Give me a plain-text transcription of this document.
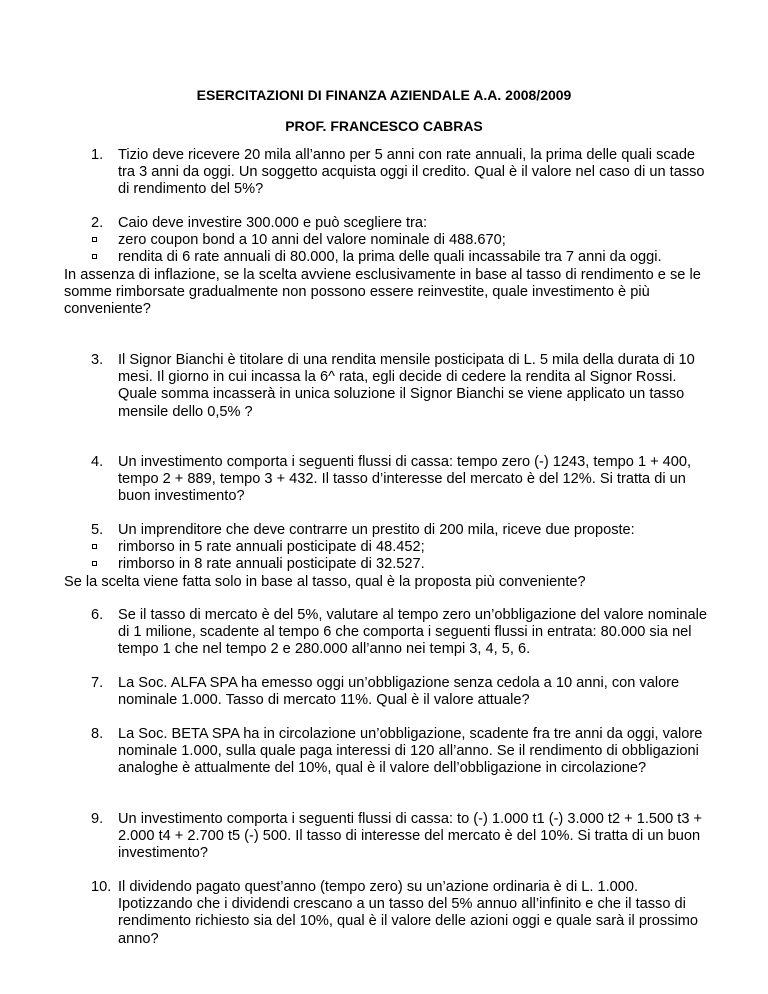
ESERCITAZIONI DI FINANZA AZIENDALE A.A. 2008/2009
PROF. FRANCESCO CABRAS
1.	Tizio deve ricevere 20 mila all’anno per 5 anni con rate annuali, la prima delle quali scade tra 3 anni da oggi. Un soggetto acquista oggi il credito. Qual è il valore nel caso di un tasso di rendimento del 5%?
2.	Caio deve investire 300.000 e può scegliere tra:
zero coupon bond a 10 anni del valore nominale di 488.670;
rendita di 6 rate annuali di 80.000, la prima delle quali incassabile tra 7 anni da oggi.
In assenza di inflazione, se la scelta avviene esclusivamente in base al tasso di rendimento e se le somme rimborsate gradualmente non possono essere reinvestite, quale investimento è più conveniente?
3.	Il Signor Bianchi è titolare di una rendita mensile posticipata di L. 5 mila della durata di 10 mesi. Il giorno in cui incassa la 6^ rata, egli decide di cedere la rendita al Signor Rossi.
Quale somma incasserà in unica soluzione il Signor Bianchi se viene applicato un tasso mensile dello 0,5% ?
4.	Un investimento comporta i seguenti flussi di cassa: tempo zero (-) 1243, tempo 1 + 400, tempo 2 + 889, tempo 3 + 432. Il tasso d’interesse del mercato è del 12%. Si tratta di un buon investimento?
5.	Un imprenditore che deve contrarre un prestito di 200 mila, riceve due proposte:
rimborso in 5 rate annuali posticipate di 48.452;
rimborso in 8 rate annuali posticipate di 32.527.
Se la scelta viene fatta solo in base al tasso, qual è la proposta più conveniente?
6.	Se il tasso di mercato è del 5%, valutare al tempo zero un’obbligazione del valore nominale di 1 milione, scadente al tempo 6 che comporta i seguenti flussi in entrata: 80.000 sia nel tempo 1 che nel tempo 2 e 280.000 all’anno nei tempi 3, 4, 5, 6.
7.	La Soc. ALFA SPA ha emesso oggi un’obbligazione senza cedola a 10 anni, con valore nominale 1.000. Tasso di mercato 11%. Qual è il valore attuale?
8.	La Soc. BETA SPA ha in circolazione un’obbligazione, scadente fra tre anni da oggi, valore nominale 1.000, sulla quale paga interessi di 120 all’anno. Se il rendimento di obbligazioni analoghe è attualmente del 10%, qual è il valore dell’obbligazione in circolazione?
9.	Un investimento comporta i seguenti flussi di cassa: to (-) 1.000 t1 (-) 3.000 t2 + 1.500 t3 + 2.000 t4 + 2.700 t5 (-) 500. Il tasso di interesse del mercato è del 10%. Si tratta di un buon investimento?
10. Il dividendo pagato quest’anno (tempo zero) su un’azione ordinaria è di L. 1.000. Ipotizzando che i dividendi crescano a un tasso del 5% annuo all’infinito e che il tasso di rendimento richiesto sia del 10%, qual è il valore delle azioni oggi e quale sarà il prossimo anno?
